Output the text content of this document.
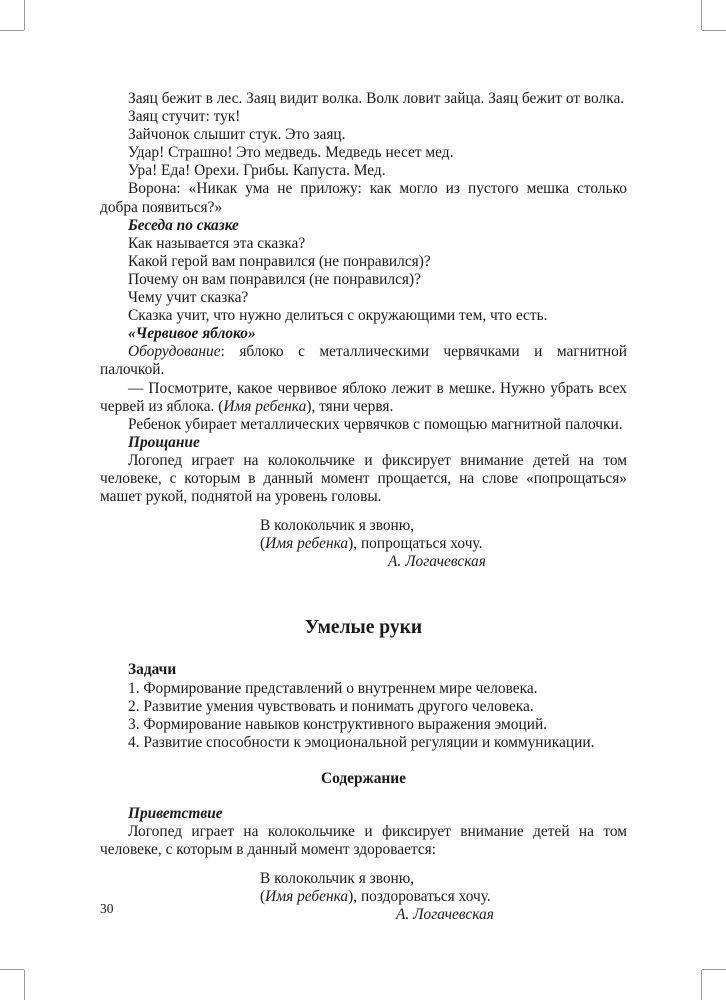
Заяц бежит в лес. Заяц видит волка. Волк ловит зайца. Заяц бежит от волка.

Заяц стучит: тук!

Зайчонок слышит стук. Это заяц.

Удар! Страшно! Это медведь. Медведь несет мед.

Ура! Еда! Орехи. Грибы. Капуста. Мед.

Ворона: «Никак ума не приложу: как могло из пустого мешка столько добра появиться?»

Беседа по сказке

Как называется эта сказка?

Какой герой вам понравился (не понравился)?

Почему он вам понравился (не понравился)?

Чему учит сказка?

Сказка учит, что нужно делиться с окружающими тем, что есть.

«Червивое яблоко»

Оборудование: яблоко с металлическими червячками и магнитной палочкой.

— Посмотрите, какое червивое яблоко лежит в мешке. Нужно убрать всех червей из яблока. (Имя ребенка), тяни червя.

Ребенок убирает металлических червячков с помощью магнитной палочки.

Прощание

Логопед играет на колокольчике и фиксирует внимание детей на том человеке, с которым в данный момент прощается, на слове «попрощаться» машет рукой, поднятой на уровень головы.

В колокольчик я звоню,
(Имя ребенка), попрощаться хочу.
А. Логачевская
Умелые руки

Задачи

1. Формирование представлений о внутреннем мире человека.

2. Развитие умения чувствовать и понимать другого человека.

3. Формирование навыков конструктивного выражения эмоций.

4. Развитие способности к эмоциональной регуляции и коммуникации.

Содержание

Приветствие

Логопед играет на колокольчике и фиксирует внимание детей на том человеке, с которым в данный момент здоровается:

В колокольчик я звоню,
(Имя ребенка), поздороваться хочу.
А. Логачевская
30
